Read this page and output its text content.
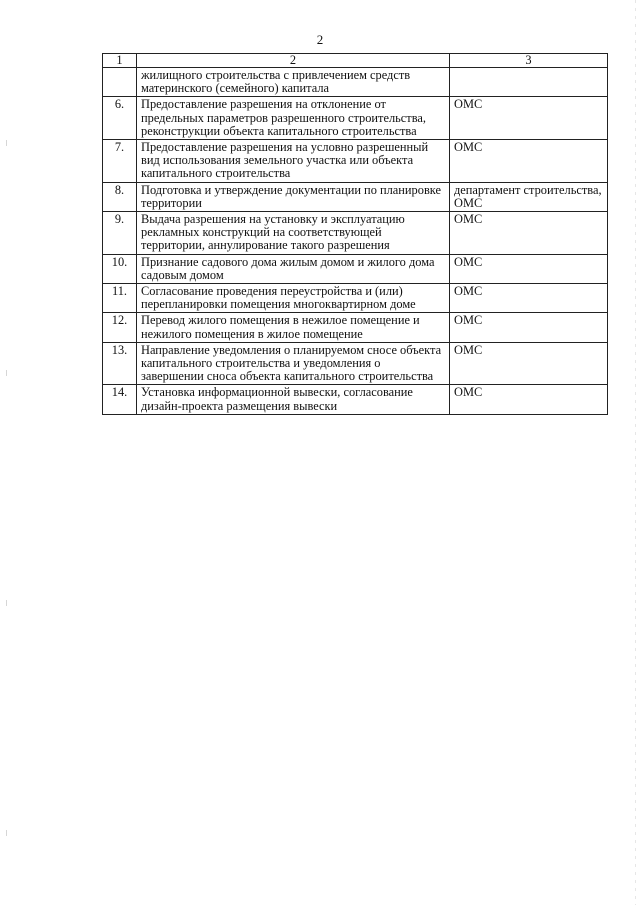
2
1	2	3
	жилищного строительства с привлечением средств материнского (семейного) капитала	
6.	Предоставление разрешения на отклонение от предельных параметров разрешенного строительства, реконструкции объекта капитального строительства	ОМС
7.	Предоставление разрешения на условно разрешенный вид использования земельного участка или объекта капитального строительства	ОМС
8.	Подготовка и утверждение документации по планировке территории	департамент строительства, ОМС
9.	Выдача разрешения на установку и эксплуатацию рекламных конструкций на соответствующей территории, аннулирование такого разрешения	ОМС
10.	Признание садового дома жилым домом и жилого дома садовым домом	ОМС
11.	Согласование проведения переустройства и (или) перепланировки помещения многоквартирном доме	ОМС
12.	Перевод жилого помещения в нежилое помещение и нежилого помещения в жилое помещение	ОМС
13.	Направление уведомления о планируемом сносе объекта капитального строительства и уведомления о завершении сноса объекта капитального строительства	ОМС
14.	Установка информационной вывески, согласование дизайн-проекта размещения вывески	ОМС
